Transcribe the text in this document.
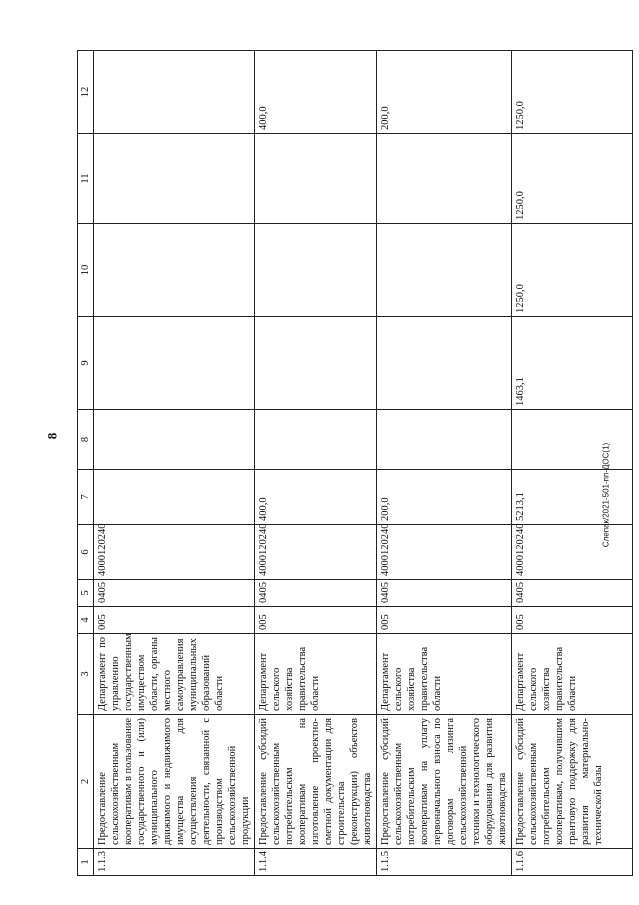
8
Cлепак/2021-501-пп-ДОС(1)
1	2	3	4	5	6	7	8	9	10	11	12
1.1.3	Предоставление сельскохозяйственным кооперативам в пользование государственного и (или) муниципального движимого и недвижимого имущества для осуществления деятельности, связанной с производством сельскохозяйственной продукции	Департамент по управлению государственным имуществом области, органы местного самоуправления муниципальных образований области	005	0405	4000120240						
1.1.4	Предоставление субсидий сельскохозяйственным потребительским кооперативам на изготовление проектно-сметной документации для строительства (реконструкции) объектов животноводства	Департамент сельского хозяйства правительства области	005	0405	4000120240	400,0					400,0
1.1.5	Предоставление субсидий сельскохозяйственным потребительским кооперативам на уплату первоначального взноса по договорам лизинга сельскохозяйственной техники и технологического оборудования для развития животноводства	Департамент сельского хозяйства правительства области	005	0405	4000120240	200,0					200,0
1.1.6	Предоставление субсидий сельскохозяйственным потребительским кооперативам, получившим грантовую поддержку для развития материально-технической базы	Департамент сельского хозяйства правительства области	005	0405	4000120240	5213,1		1463,1	1250,0	1250,0	1250,0
